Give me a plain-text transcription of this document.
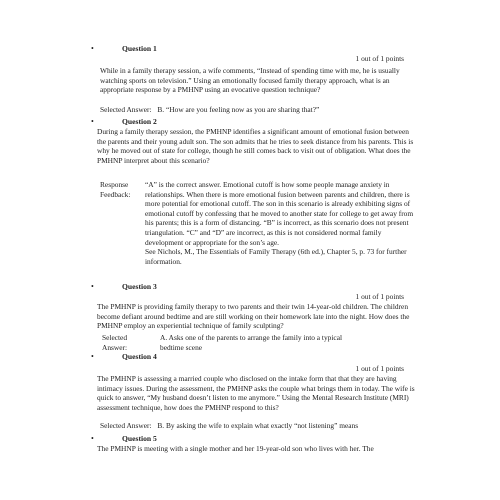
•	Question 1
1 out of 1 points

While in a family therapy session, a wife comments, “Instead of spending time with me, he is usually watching sports on television.” Using an emotionally focused family therapy approach, what is an appropriate response by a PMHNP using an evocative question technique?

Selected Answer: B. “How are you feeling now as you are sharing that?”
•	Question 2

During a family therapy session, the PMHNP identifies a significant amount of emotional fusion between the parents and their young adult son. The son admits that he tries to seek distance from his parents. This is why he moved out of state for college, though he still comes back to visit out of obligation. What does the PMHNP interpret about this scenario?

Response Feedback:

“A” is the correct answer. Emotional cutoff is how some people manage anxiety in relationships. When there is more emotional fusion between parents and children, there is more potential for emotional cutoff. The son in this scenario is already exhibiting signs of emotional cutoff by confessing that he moved to another state for college to get away from his parents; this is a form of distancing. “B” is incorrect, as this scenario does not present triangulation. “C” and “D” are incorrect, as this is not considered normal family development or appropriate for the son’s age.

See Nichols, M., The Essentials of Family Therapy (6th ed.), Chapter 5, p. 73 for further information.

•	Question 3
1 out of 1 points

The PMHNP is providing family therapy to two parents and their twin 14-year-old children. The children become defiant around bedtime and are still working on their homework late into the night. How does the PMHNP employ an experiential technique of family sculpting?

Selected Answer:
A. Asks one of the parents to arrange the family into a typical bedtime scene
•	Question 4
1 out of 1 points

The PMHNP is assessing a married couple who disclosed on the intake form that that they are having intimacy issues. During the assessment, the PMHNP asks the couple what brings them in today. The wife is quick to answer, “My husband doesn’t listen to me anymore.” Using the Mental Research Institute (MRI) assessment technique, how does the PMHNP respond to this?

Selected Answer: B. By asking the wife to explain what exactly “not listening” means
•	Question 5

The PMHNP is meeting with a single mother and her 19-year-old son who lives with her. The
